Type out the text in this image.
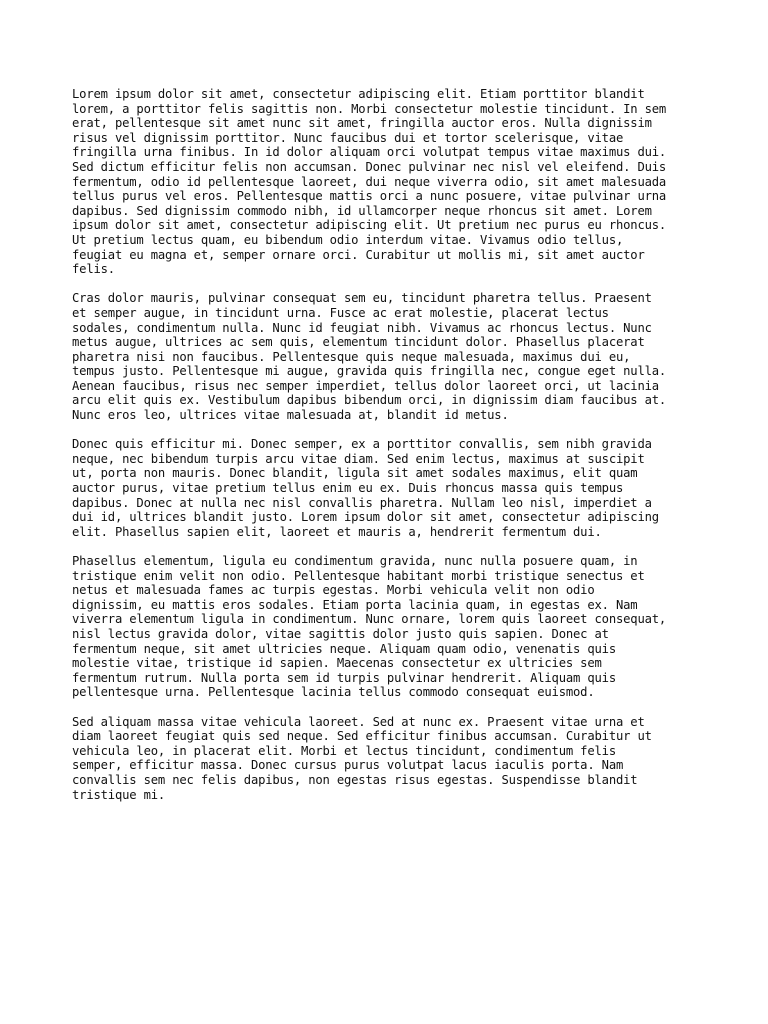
Lorem ipsum dolor sit amet, consectetur adipiscing elit. Etiam porttitor blandit
lorem, a porttitor felis sagittis non. Morbi consectetur molestie tincidunt. In sem
erat, pellentesque sit amet nunc sit amet, fringilla auctor eros. Nulla dignissim
risus vel dignissim porttitor. Nunc faucibus dui et tortor scelerisque, vitae
fringilla urna finibus. In id dolor aliquam orci volutpat tempus vitae maximus dui.
Sed dictum efficitur felis non accumsan. Donec pulvinar nec nisl vel eleifend. Duis
fermentum, odio id pellentesque laoreet, dui neque viverra odio, sit amet malesuada
tellus purus vel eros. Pellentesque mattis orci a nunc posuere, vitae pulvinar urna
dapibus. Sed dignissim commodo nibh, id ullamcorper neque rhoncus sit amet. Lorem
ipsum dolor sit amet, consectetur adipiscing elit. Ut pretium nec purus eu rhoncus.
Ut pretium lectus quam, eu bibendum odio interdum vitae. Vivamus odio tellus,
feugiat eu magna et, semper ornare orci. Curabitur ut mollis mi, sit amet auctor
felis.

Cras dolor mauris, pulvinar consequat sem eu, tincidunt pharetra tellus. Praesent
et semper augue, in tincidunt urna. Fusce ac erat molestie, placerat lectus
sodales, condimentum nulla. Nunc id feugiat nibh. Vivamus ac rhoncus lectus. Nunc
metus augue, ultrices ac sem quis, elementum tincidunt dolor. Phasellus placerat
pharetra nisi non faucibus. Pellentesque quis neque malesuada, maximus dui eu,
tempus justo. Pellentesque mi augue, gravida quis fringilla nec, congue eget nulla.
Aenean faucibus, risus nec semper imperdiet, tellus dolor laoreet orci, ut lacinia
arcu elit quis ex. Vestibulum dapibus bibendum orci, in dignissim diam faucibus at.
Nunc eros leo, ultrices vitae malesuada at, blandit id metus.

Donec quis efficitur mi. Donec semper, ex a porttitor convallis, sem nibh gravida
neque, nec bibendum turpis arcu vitae diam. Sed enim lectus, maximus at suscipit
ut, porta non mauris. Donec blandit, ligula sit amet sodales maximus, elit quam
auctor purus, vitae pretium tellus enim eu ex. Duis rhoncus massa quis tempus
dapibus. Donec at nulla nec nisl convallis pharetra. Nullam leo nisl, imperdiet a
dui id, ultrices blandit justo. Lorem ipsum dolor sit amet, consectetur adipiscing
elit. Phasellus sapien elit, laoreet et mauris a, hendrerit fermentum dui.

Phasellus elementum, ligula eu condimentum gravida, nunc nulla posuere quam, in
tristique enim velit non odio. Pellentesque habitant morbi tristique senectus et
netus et malesuada fames ac turpis egestas. Morbi vehicula velit non odio
dignissim, eu mattis eros sodales. Etiam porta lacinia quam, in egestas ex. Nam
viverra elementum ligula in condimentum. Nunc ornare, lorem quis laoreet consequat,
nisl lectus gravida dolor, vitae sagittis dolor justo quis sapien. Donec at
fermentum neque, sit amet ultricies neque. Aliquam quam odio, venenatis quis
molestie vitae, tristique id sapien. Maecenas consectetur ex ultricies sem
fermentum rutrum. Nulla porta sem id turpis pulvinar hendrerit. Aliquam quis
pellentesque urna. Pellentesque lacinia tellus commodo consequat euismod.

Sed aliquam massa vitae vehicula laoreet. Sed at nunc ex. Praesent vitae urna et
diam laoreet feugiat quis sed neque. Sed efficitur finibus accumsan. Curabitur ut
vehicula leo, in placerat elit. Morbi et lectus tincidunt, condimentum felis
semper, efficitur massa. Donec cursus purus volutpat lacus iaculis porta. Nam
convallis sem nec felis dapibus, non egestas risus egestas. Suspendisse blandit
tristique mi.
